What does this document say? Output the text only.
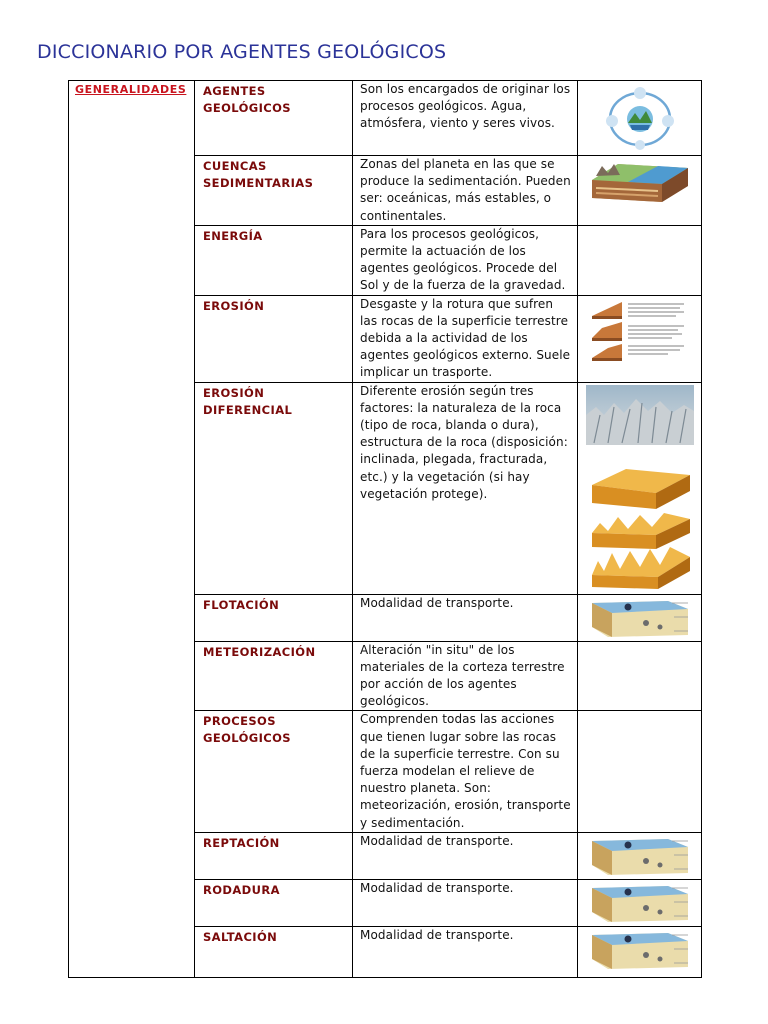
DICCIONARIO POR AGENTES GEOLÓGICOS
GENERALIDADES	AGENTES GEOLÓGICOS	Son los encargados de originar los procesos geológicos. Agua, atmósfera, viento y seres vivos.

	CUENCAS SEDIMENTARIAS	Zonas del planeta en las que se produce la sedimentación. Pueden ser: oceánicas, más estables, o continentales.

	ENERGÍA	Para los procesos geológicos, permite la actuación de los agentes geológicos. Procede del Sol y de la fuerza de la gravedad.	

	EROSIÓN	Desgaste y la rotura que sufren las rocas de la superficie terrestre debida a la actividad de los agentes geológicos externo. Suele implicar un trasporte.

	EROSIÓN DIFERENCIAL	Diferente erosión según tres factores: la naturaleza de la roca (tipo de roca, blanda o dura), estructura de la roca (disposición: inclinada, plegada, fracturada, etc.) y la vegetación (si hay vegetación protege).

	FLOTACIÓN	Modalidad de transporte.

	METEORIZACIÓN	Alteración "in situ" de los materiales de la corteza terrestre por acción de los agentes geológicos.	

	PROCESOS GEOLÓGICOS	Comprenden todas las acciones que tienen lugar sobre las rocas de la superficie terrestre. Con su fuerza modelan el relieve de nuestro planeta. Son: meteorización, erosión, transporte y sedimentación.	

	REPTACIÓN	Modalidad de transporte.

	RODADURA	Modalidad de transporte.

	SALTACIÓN	Modalidad de transporte.
